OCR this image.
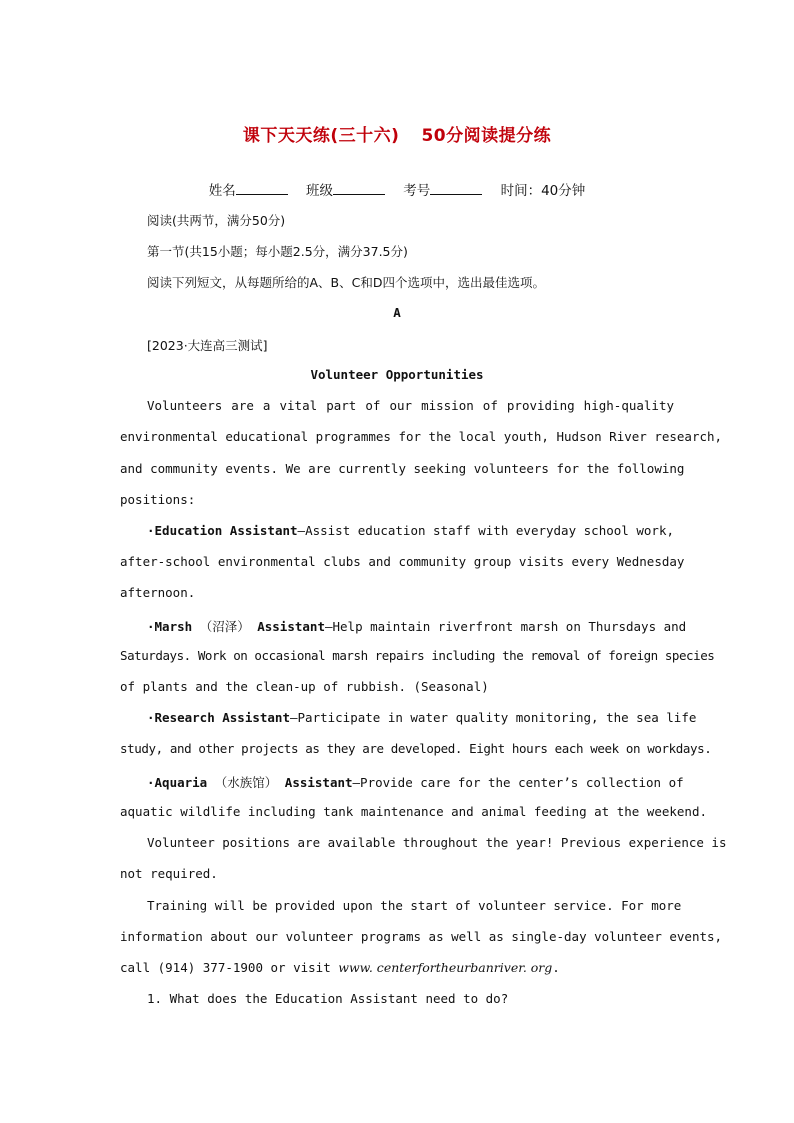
课下天天练(三十六) 50分阅读提分练
姓名	班级	考号	时间：40分钟
阅读(共两节，满分50分)
第一节(共15小题；每小题2.5分，满分37.5分)
阅读下列短文，从每题所给的A、B、C和D四个选项中，选出最佳选项。
A
[2023·大连高三测试]
Volunteer Opportunities
Volunteers are a vital part of our mission of providing high-quality
environmental educational programmes for the local youth, Hudson River research,
and community events. We are currently seeking volunteers for the following
positions:
·Education Assistant—Assist education staff with everyday school work,
after-school environmental clubs and community group visits every Wednesday
afternoon.
·Marsh （沼泽） Assistant—Help maintain riverfront marsh on Thursdays and
Saturdays. Work on occasional marsh repairs including the removal of foreign species
of plants and the clean-up of rubbish. (Seasonal)
·Research Assistant—Participate in water quality monitoring, the sea life
study, and other projects as they are developed. Eight hours each week on workdays.
·Aquaria （水族馆） Assistant—Provide care for the center’s collection of
aquatic wildlife including tank maintenance and animal feeding at the weekend.
Volunteer positions are available throughout the year! Previous experience is
not required.
Training will be provided upon the start of volunteer service. For more
information about our volunteer programs as well as single-day volunteer events,
call (914) 377-1900 or visit www. centerfortheurbanriver. org.
1. What does the Education Assistant need to do?
